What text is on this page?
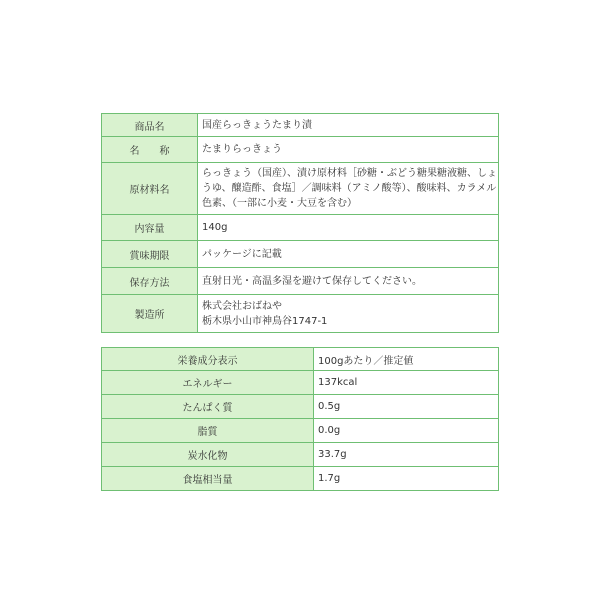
商品名	国産らっきょうたまり漬
名　　称	たまりらっきょう
原材料名	らっきょう（国産）、漬け原材料［砂糖・ぶどう糖果糖液糖、しょうゆ、醸造酢、食塩］／調味料（アミノ酸等）、酸味料、カラメル色素、（一部に小麦・大豆を含む）
内容量	140g
賞味期限	パッケージに記載
保存方法	直射日光・高温多湿を避けて保存してください。
製造所	株式会社おばねや
栃木県小山市神鳥谷1747-1
栄養成分表示	100gあたり／推定値
エネルギー	137kcal
たんぱく質	0.5g
脂質	0.0g
炭水化物	33.7g
食塩相当量	1.7g
